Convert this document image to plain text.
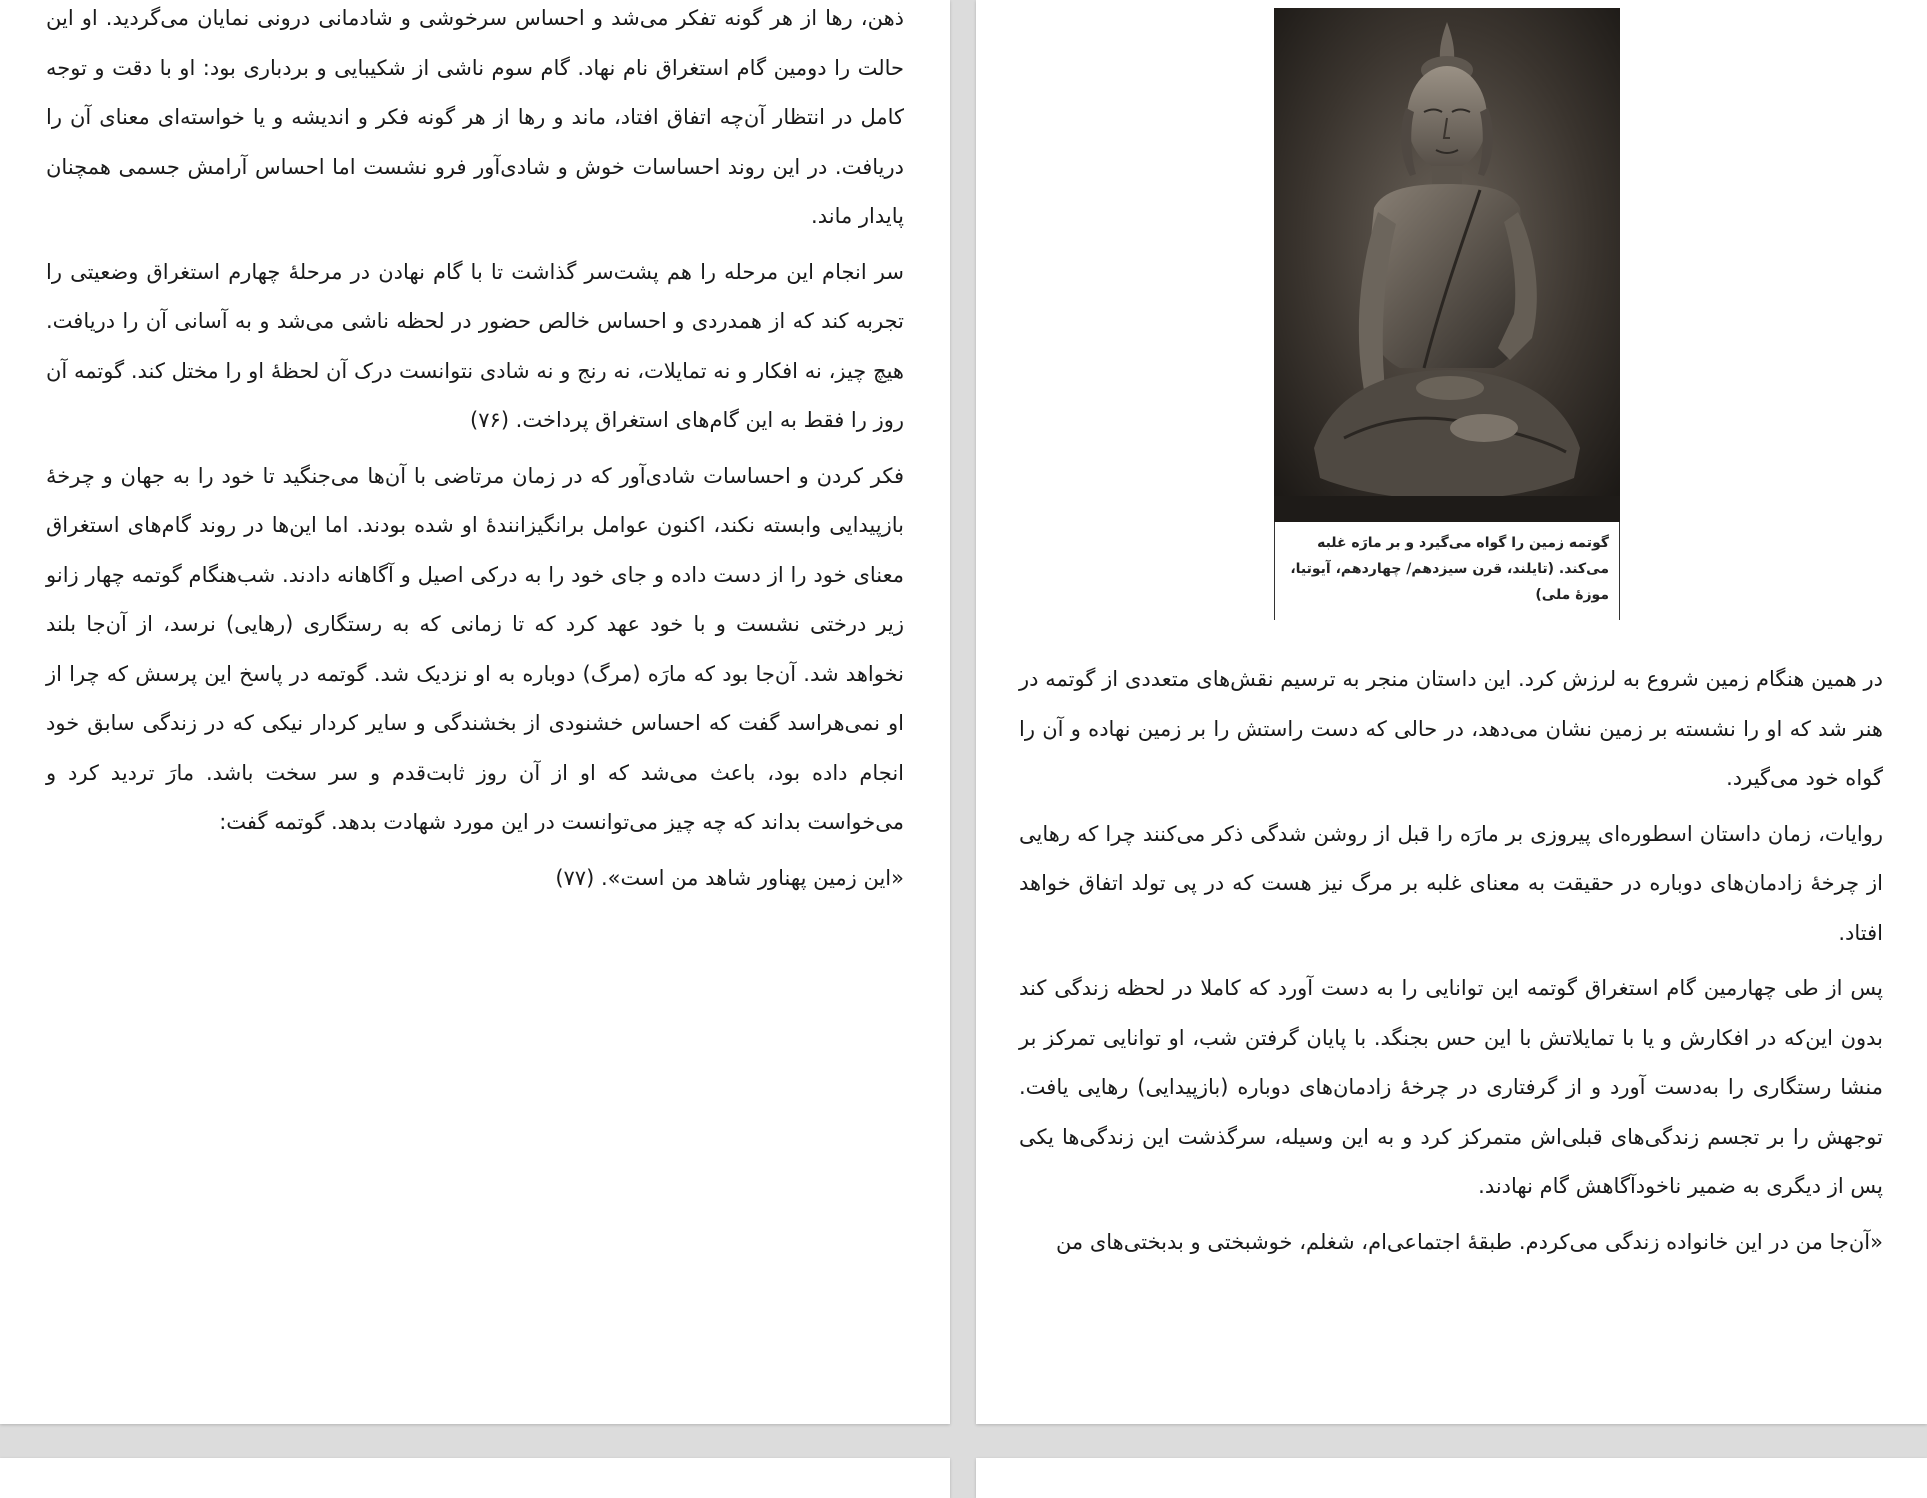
ذهن، رها از هر گونه تفکر می‌شد و احساس سرخوشی و شادمانی درونی نمایان می‌گردید. او این حالت را دومین گام استغراق نام نهاد. گام سوم ناشی از شکیبایی و بردباری بود: او با دقت و توجه کامل در انتظار آن‌چه اتفاق افتاد، ماند و رها از هر گونه فکر و اندیشه و یا خواسته‌ای معنای آن را دریافت. در این روند احساسات خوش و شادی‌آور فرو نشست اما احساس آرامش جسمی همچنان پایدار ماند.

سر انجام این مرحله را هم پشت‌سر گذاشت تا با گام نهادن در مرحلهٔ چهارم استغراق وضعیتی را تجربه کند که از همدردی و احساس خالص حضور در لحظه ناشی می‌شد و به آسانی آن را دریافت. هیچ چیز، نه افکار و نه تمایلات، نه رنج و نه شادی نتوانست درک آن لحظهٔ او را مختل کند. گوتمه آن روز را فقط به این گام‌های استغراق پرداخت. (۷۶)

فکر کردن و احساسات شادی‌آور که در زمان مرتاضی با آن‌ها می‌جنگید تا خود را به جهان و چرخهٔ بازپیدایی وابسته نکند، اکنون عوامل برانگیزانندهٔ او شده بودند. اما این‌ها در روند گام‌های استغراق معنای خود را از دست داده و جای خود را به درکی اصیل و آگاهانه دادند. شب‌هنگام گوتمه چهار زانو زیر درختی نشست و با خود عهد کرد که تا زمانی که به رستگاری (رهایی) نرسد، از آن‌جا بلند نخواهد شد. آن‌جا بود که مارَه (مرگ) دوباره به او نزدیک شد. گوتمه در پاسخ این پرسش که چرا از او نمی‌هراسد گفت که احساس خشنودی از بخشندگی و سایر کردار نیکی که در زندگی سابق خود انجام داده بود، باعث می‌شد که او از آن روز ثابت‌قدم و سر سخت باشد. مارَ تردید کرد و می‌خواست بداند که چه چیز می‌توانست در این مورد شهادت بدهد. گوتمه گفت:

«این زمین پهناور شاهد من است». (۷۷)

گوتمه زمین را گواه می‌گیرد و بر مارَه غلبه می‌کند. (تایلند، قرن سیزدهم/ چهاردهم، آیوتیا، موزهٔ ملی)

در همین هنگام زمین شروع به لرزش کرد. این داستان منجر به ترسیم نقش‌های متعددی از گوتمه در هنر شد که او را نشسته بر زمین نشان می‌دهد، در حالی که دست راستش را بر زمین نهاده و آن را گواه خود می‌گیرد.

روایات، زمان داستان اسطوره‌ای پیروزی بر مارَه را قبل از روشن شدگی ذکر می‌کنند چرا که رهایی از چرخهٔ زادمان‌های دوباره در حقیقت به معنای غلبه بر مرگ نیز هست که در پی تولد اتفاق خواهد افتاد.

پس از طی چهارمین گام استغراق گوتمه این توانایی را به دست آورد که کاملا در لحظه زندگی کند بدون این‌که در افکارش و یا با تمایلاتش با این حس بجنگد. با پایان گرفتن شب، او توانایی تمرکز بر منشا رستگاری را به‌دست آورد و از گرفتاری در چرخهٔ زادمان‌های دوباره (بازپیدایی) رهایی یافت. توجهش را بر تجسم زندگی‌های قبلی‌اش متمرکز کرد و به این وسیله، سرگذشت این زندگی‌ها یکی پس از دیگری به ضمیر ناخودآگاهش گام نهادند.

«آن‌جا من در این خانواده زندگی می‌کردم. طبقهٔ اجتماعی‌ام، شغلم، خوشبختی و بدبختی‌های من
